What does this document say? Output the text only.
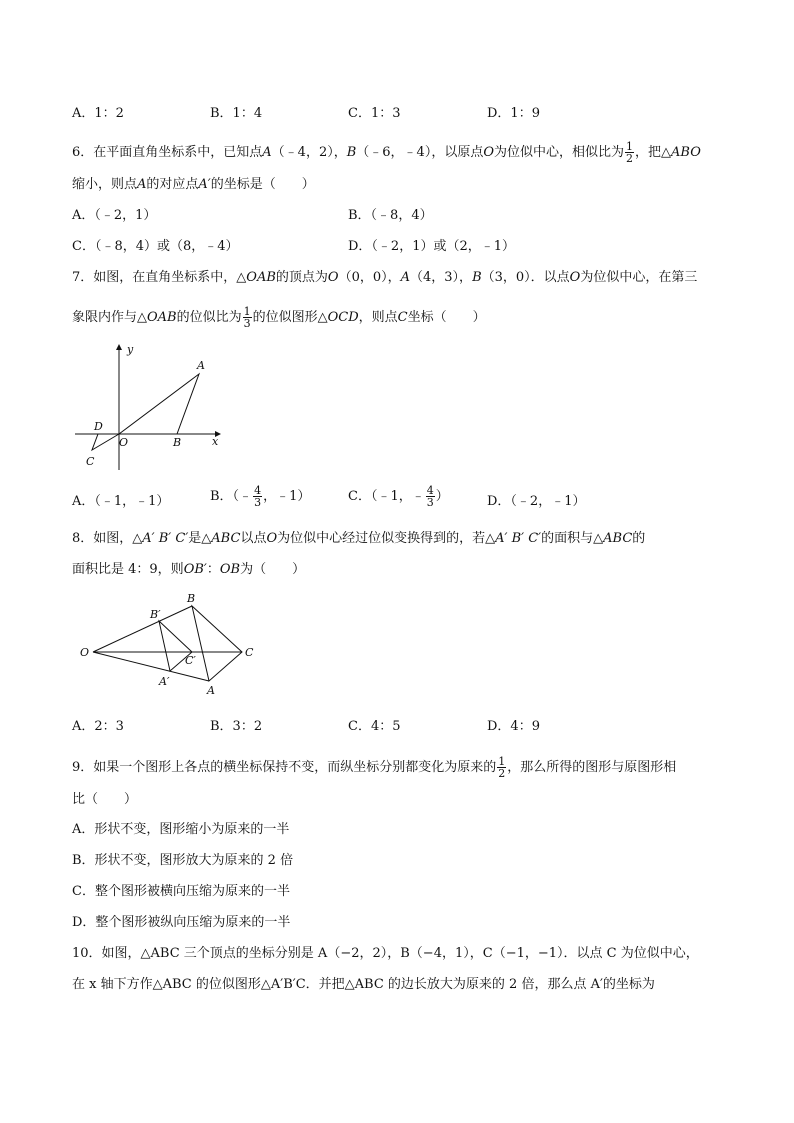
A．1：2	B．1：4	C．1：3	D．1：9
6．在平面直角坐标系中，已知点A（﹣4，2），B（﹣6，﹣4），以原点O为位似中心，相似比为 $\frac{1}{2}$ ，把△ABO
缩小，则点A的对应点A′的坐标是（　　）
A．（﹣2，1）	B．（﹣8，4）
C．（﹣8，4）或（8，﹣4）	D．（﹣2，1）或（2，﹣1）
7．如图，在直角坐标系中，△OAB的顶点为O（0，0），A（4，3），B（3，0）．以点O为位似中心，在第三
象限内作与△OAB的位似比为 $\frac{1}{3}$ 的位似图形△OCD，则点C坐标（　　）
y
x
A
B
O
D
C
A．（﹣1，﹣1）	B．（﹣ $\frac{4}{3}$ ，﹣1）	C．（﹣1，﹣ $\frac{4}{3}$ ）	D．（﹣2，﹣1）
8．如图，△A′ B′ C′是△ABC以点O为位似中心经过位似变换得到的，若△A′ B′ C′的面积与△ABC的
面积比是 4：9，则OB′：OB为（　　）
O
B′
B
C′
C
A′
A
A．2：3	B．3：2	C．4：5	D．4：9
9．如果一个图形上各点的横坐标保持不变，而纵坐标分别都变化为原来的 $\frac{1}{2}$ ，那么所得的图形与原图形相
比（　　）
A．形状不变，图形缩小为原来的一半
B．形状不变，图形放大为原来的 2 倍
C．整个图形被横向压缩为原来的一半
D．整个图形被纵向压缩为原来的一半
10．如图，△ABC 三个顶点的坐标分别是 A（−2，2），B（−4，1），C（−1，−1）．以点 C 为位似中心，
在 x 轴下方作△ABC 的位似图形△A′B′C．并把△ABC 的边长放大为原来的 2 倍，那么点 A′的坐标为
